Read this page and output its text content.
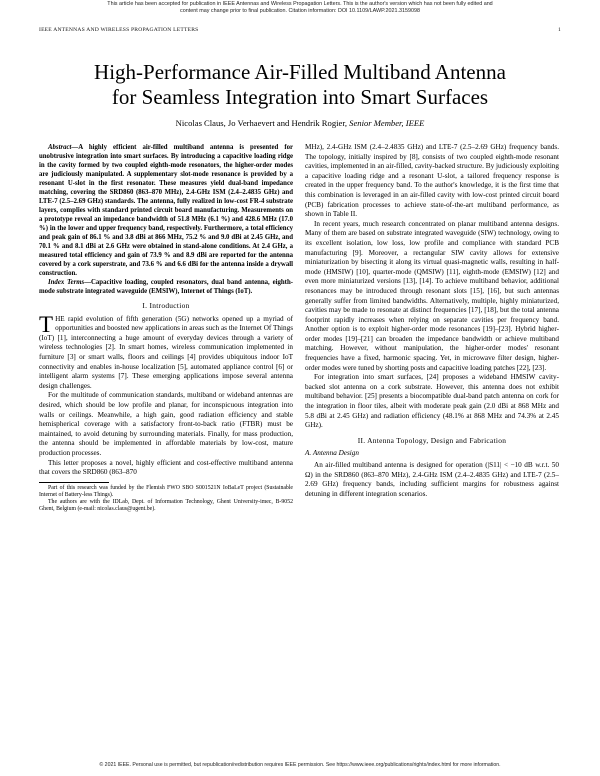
This article has been accepted for publication in IEEE Antennas and Wireless Propagation Letters. This is the author's version which has not been fully edited and
content may change prior to final publication. Citation information: DOI 10.1109/LAWP.2021.3159098
IEEE ANTENNAS AND WIRELESS PROPAGATION LETTERS	1
High-Performance Air-Filled Multiband Antenna
for Seamless Integration into Smart Surfaces
Nicolas Claus, Jo Verhaevert and Hendrik Rogier, Senior Member, IEEE

Abstract—A highly efficient air-filled multiband antenna is presented for unobtrusive integration into smart surfaces. By introducing a capacitive loading ridge in the cavity formed by two coupled eighth-mode resonators, the higher-order modes are judiciously manipulated. A supplementary slot-mode resonance is provided by a resonant U-slot in the first resonator. These measures yield dual-band impedance matching, covering the SRD860 (863–870 MHz), 2.4-GHz ISM (2.4–2.4835 GHz) and LTE-7 (2.5–2.69 GHz) standards. The antenna, fully realized in low-cost FR-4 substrate layers, complies with standard printed circuit board manufacturing. Measurements on a prototype reveal an impedance bandwidth of 51.8 MHz (6.1 %) and 428.6 MHz (17.0 %) in the lower and upper frequency band, respectively. Furthermore, a total efficiency and peak gain of 86.1 % and 3.8 dBi at 866 MHz, 75.2 % and 9.0 dBi at 2.45 GHz, and 70.1 % and 8.1 dBi at 2.6 GHz were obtained in stand-alone conditions. At 2.4 GHz, a measured total efficiency and gain of 73.9 % and 8.9 dBi are reported for the antenna covered by a cork superstrate, and 73.6 % and 6.6 dBi for the antenna inside a drywall construction.

Index Terms—Capacitive loading, coupled resonators, dual band antenna, eighth-mode substrate integrated waveguide (EMSIW), Internet of Things (IoT).

I. Introduction

THE rapid evolution of fifth generation (5G) networks opened up a myriad of opportunities and boosted new applications in areas such as the Internet Of Things (IoT) [1], interconnecting a huge amount of everyday devices through a variety of wireless technologies [2]. In smart homes, wireless communication implemented in furniture [3] or smart walls, floors and ceilings [4] provides ubiquitous indoor IoT connectivity and enables in-house localization [5], automated appliance control [6] or intelligent alarm systems [7]. These emerging applications impose several antenna design challenges.

For the multitude of communication standards, multiband or wideband antennas are desired, which should be low profile and planar, for inconspicuous integration into walls or ceilings. Meanwhile, a high gain, good radiation efficiency and stable hemispherical coverage with a satisfactory front-to-back ratio (FTBR) must be maintained, to avoid detuning by surrounding materials. Finally, for mass production, the antenna should be implemented in affordable materials by low-cost, mature production processes.

This letter proposes a novel, highly efficient and cost-effective multiband antenna that covers the SRD860 (863–870

Part of this research was funded by the Flemish FWO SBO S001521N IoBaLeT project (Sustainable Internet of Battery-less Things).

The authors are with the IDLab, Dept. of Information Technology, Ghent University-imec, B-9052 Ghent, Belgium (e-mail: nicolas.claus@ugent.be).

MHz), 2.4-GHz ISM (2.4–2.4835 GHz) and LTE-7 (2.5–2.69 GHz) frequency bands. The topology, initially inspired by [8], consists of two coupled eighth-mode resonant cavities, implemented in an air-filled, cavity-backed structure. By judiciously exploiting a capacitive loading ridge and a resonant U-slot, a tailored frequency response is created in the upper frequency band. To the author's knowledge, it is the first time that this combination is leveraged in an air-filled cavity with low-cost printed circuit board (PCB) fabrication processes to achieve state-of-the-art multiband performance, as shown in Table II.

In recent years, much research concentrated on planar multiband antenna designs. Many of them are based on substrate integrated waveguide (SIW) technology, owing to its excellent isolation, low loss, low profile and compliance with standard PCB manufacturing [9]. Moreover, a rectangular SIW cavity allows for extensive miniaturization by bisecting it along its virtual quasi-magnetic walls, resulting in half-mode (HMSIW) [10], quarter-mode (QMSIW) [11], eighth-mode (EMSIW) [12] and even more miniaturized versions [13], [14]. To achieve multiband behavior, additional resonances may be introduced through resonant slots [15], [16], but such antennas generally suffer from limited bandwidths. Alternatively, multiple, highly miniaturized, cavities may be made to resonate at distinct frequencies [17], [18], but the total antenna footprint rapidly increases when relying on separate cavities per frequency band. Another option is to exploit higher-order mode resonances [19]–[23]. Hybrid higher-order modes [19]–[21] can broaden the impedance bandwidth or achieve multiband matching. However, without manipulation, the higher-order modes' resonant frequencies have a fixed, harmonic spacing. Yet, in microwave filter design, higher-order modes were tuned by shorting posts and capacitive loading patches [22], [23].

For integration into smart surfaces, [24] proposes a wideband HMSIW cavity-backed slot antenna on a cork substrate. However, this antenna does not exhibit multiband behavior. [25] presents a biocompatible dual-band patch antenna on cork for the integration in floor tiles, albeit with moderate peak gain (2.0 dBi at 868 MHz and 5.8 dBi at 2.45 GHz) and radiation efficiency (48.1% at 868 MHz and 74.3% at 2.45 GHz).

II. Antenna Topology, Design and Fabrication
A. Antenna Design

An air-filled multiband antenna is designed for operation (|S11| < −10 dB w.r.t. 50 Ω) in the SRD860 (863–870 MHz), 2.4-GHz ISM (2.4–2.4835 GHz) and LTE-7 (2.5–2.69 GHz) frequency bands, including sufficient margins for robustness against detuning in different integration scenarios.

© 2021 IEEE. Personal use is permitted, but republication/redistribution requires IEEE permission. See https://www.ieee.org/publications/rights/index.html for more information.
